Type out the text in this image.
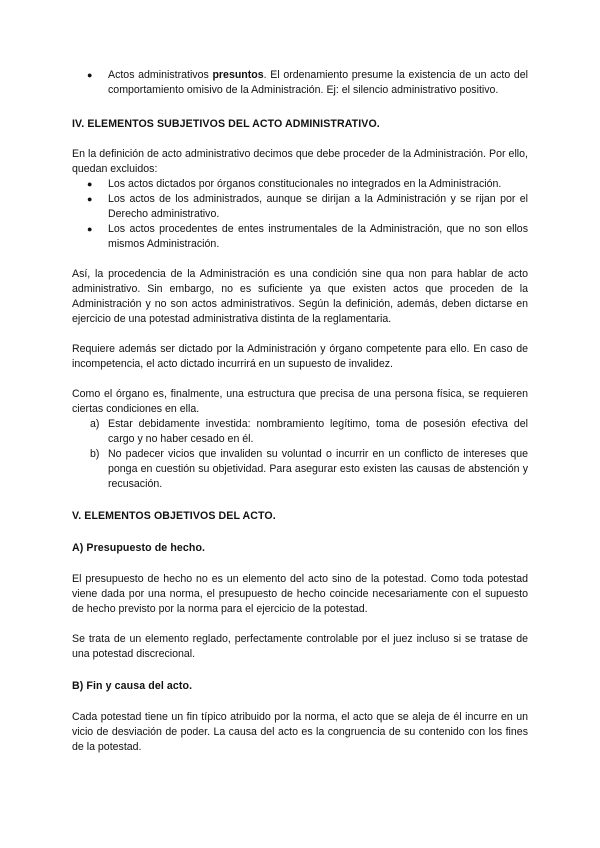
● Actos administrativos presuntos. El ordenamiento presume la existencia de un acto del comportamiento omisivo de la Administración. Ej: el silencio administrativo positivo.
IV. ELEMENTOS SUBJETIVOS DEL ACTO ADMINISTRATIVO.

En la definición de acto administrativo decimos que debe proceder de la Administración. Por ello, quedan excluidos:

● Los actos dictados por órganos constitucionales no integrados en la Administración.
● Los actos de los administrados, aunque se dirijan a la Administración y se rijan por el Derecho administrativo.
● Los actos procedentes de entes instrumentales de la Administración, que no son ellos mismos Administración.

Así, la procedencia de la Administración es una condición sine qua non para hablar de acto administrativo. Sin embargo, no es suficiente ya que existen actos que proceden de la Administración y no son actos administrativos. Según la definición, además, deben dictarse en ejercicio de una potestad administrativa distinta de la reglamentaria.

Requiere además ser dictado por la Administración y órgano competente para ello. En caso de incompetencia, el acto dictado incurrirá en un supuesto de invalidez.

Como el órgano es, finalmente, una estructura que precisa de una persona física, se requieren ciertas condiciones en ella.

a) Estar debidamente investida: nombramiento legítimo, toma de posesión efectiva del cargo y no haber cesado en él.
b) No padecer vicios que invaliden su voluntad o incurrir en un conflicto de intereses que ponga en cuestión su objetividad. Para asegurar esto existen las causas de abstención y recusación.
V. ELEMENTOS OBJETIVOS DEL ACTO.
A) Presupuesto de hecho.

El presupuesto de hecho no es un elemento del acto sino de la potestad. Como toda potestad viene dada por una norma, el presupuesto de hecho coincide necesariamente con el supuesto de hecho previsto por la norma para el ejercicio de la potestad.

Se trata de un elemento reglado, perfectamente controlable por el juez incluso si se tratase de una potestad discrecional.

B) Fin y causa del acto.

Cada potestad tiene un fin típico atribuido por la norma, el acto que se aleja de él incurre en un vicio de desviación de poder. La causa del acto es la congruencia de su contenido con los fines de la potestad.
